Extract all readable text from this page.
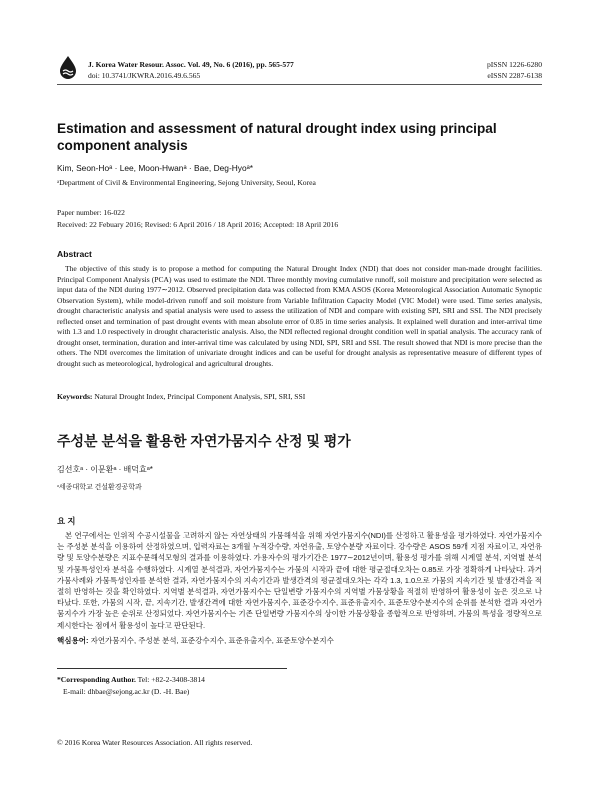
J. Korea Water Resour. Assoc. Vol. 49, No. 6 (2016), pp. 565-577
doi: 10.3741/JKWRA.2016.49.6.565
pISSN 1226-6280
eISSN 2287-6138
Estimation and assessment of natural drought index using principal component analysis
Kim, Seon-Hoᵃ · Lee, Moon-Hwanᵃ · Bae, Deg-Hyoᵃ*
ᵃDepartment of Civil & Environmental Engineering, Sejong University, Seoul, Korea
Paper number: 16-022
Received: 22 Febuary 2016; Revised: 6 April 2016 / 18 April 2016; Accepted: 18 April 2016
Abstract
The objective of this study is to propose a method for computing the Natural Drought Index (NDI) that does not consider man-made drought facilities. Principal Component Analysis (PCA) was used to estimate the NDI. Three monthly moving cumulative runoff, soil moisture and precipitation were selected as input data of the NDI during 1977∼2012. Observed precipitation data was collected from KMA ASOS (Korea Meteorological Association Automatic Synoptic Observation System), while model-driven runoff and soil moisture from Variable Infiltration Capacity Model (VIC Model) were used. Time series analysis, drought characteristic analysis and spatial analysis were used to assess the utilization of NDI and compare with existing SPI, SRI and SSI. The NDI precisely reflected onset and termination of past drought events with mean absolute error of 0.85 in time series analysis. It explained well duration and inter-arrival time with 1.3 and 1.0 respectively in drought characteristic analysis. Also, the NDI reflected regional drought condition well in spatial analysis. The accuracy rank of drought onset, termination, duration and inter-arrival time was calculated by using NDI, SPI, SRI and SSI. The result showed that NDI is more precise than the others. The NDI overcomes the limitation of univariate drought indices and can be useful for drought analysis as representative measure of different types of drought such as meteorological, hydrological and agricultural droughts.
Keywords: Natural Drought Index, Principal Component Analysis, SPI, SRI, SSI
주성분 분석을 활용한 자연가뭄지수 산정 및 평가
김선호ᵃ · 이문환ᵃ · 배덕효ᵃ*
ᵃ세종대학교 건설환경공학과
요 지
본 연구에서는 인위적 수공시설물을 고려하지 않는 자연상태의 가뭄해석을 위해 자연가뭄지수(NDI)를 산정하고 활용성을 평가하였다. 자연가뭄지수는 주성분 분석을 이용하여 산정하였으며, 입력자료는 3개월 누적강수량, 자연유출, 토양수분량 자료이다. 강수량은 ASOS 59개 지점 자료이고, 자연유량 및 토양수분량은 지표수문해석모형의 결과를 이용하였다. 가용자수의 평가기간은 1977∼2012년이며, 활용성 평가를 위해 시계열 분석, 지역별 분석 및 가뭄특성인자 분석을 수행하였다. 시계열 분석결과, 자연가뭄지수는 가뭄의 시작과 끝에 대한 평균절대오차는 0.85로 가장 정확하게 나타났다. 과거 가뭄사례와 가뭄특성인자를 분석한 결과, 자연가뭄지수의 지속기간과 발생간격의 평균절대오차는 각각 1.3, 1.0으로 가뭄의 지속기간 및 발생간격을 적절히 반영하는 것을 확인하였다. 지역별 분석결과, 자연가뭄지수는 단일변량 가뭄지수의 지역별 가뭄상황을 적절히 반영하여 활용성이 높은 것으로 나타났다. 또한, 가뭄의 시작, 끝, 지속기간, 발생간격에 대한 자연가뭄지수, 표준강수지수, 표준유출지수, 표준토양수분지수의 순위를 분석한 결과 자연가뭄지수가 가장 높은 순위로 산정되었다. 자연가뭄지수는 기존 단일변량 가뭄지수의 상이한 가뭄상황을 종합적으로 반영하며, 가뭄의 특성을 정량적으로 제시한다는 점에서 활용성이 높다고 판단된다.
핵심용어: 자연가뭄지수, 주성분 분석, 표준강수지수, 표준유출지수, 표준토양수분지수
*Corresponding Author. Tel: +82-2-3408-3814
E-mail: dhbae@sejong.ac.kr (D. -H. Bae)
© 2016 Korea Water Resources Association. All rights reserved.
